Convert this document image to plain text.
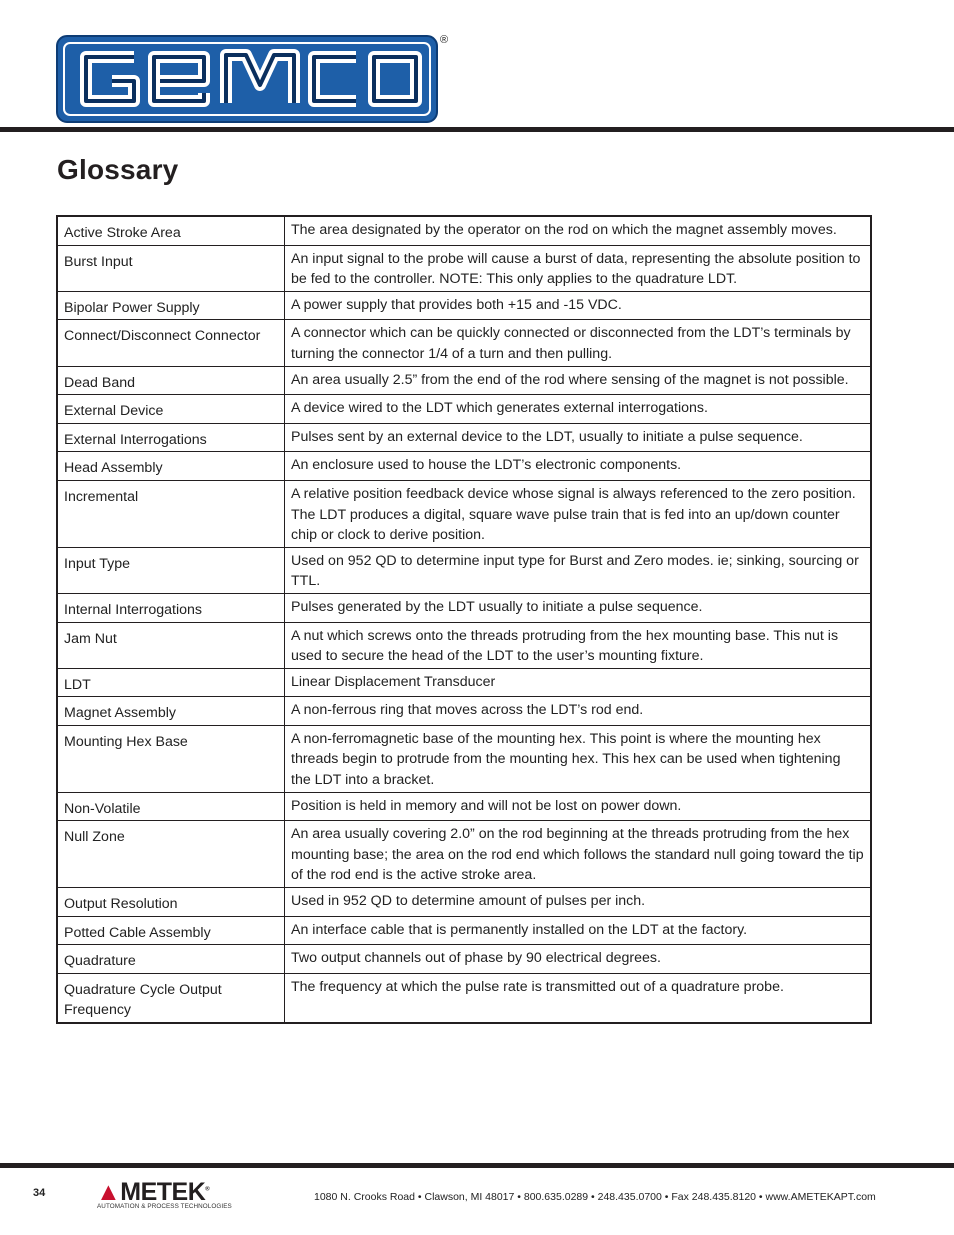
®
Glossary
Active Stroke Area	The area designated by the operator on the rod on which the magnet assembly moves.
Burst Input	An input signal to the probe will cause a burst of data, representing the absolute position to be fed to the controller. NOTE: This only applies to the quadrature LDT.
Bipolar Power Supply	A power supply that provides both +15 and -15 VDC.
Connect/Disconnect Connector	A connector which can be quickly connected or disconnected from the LDT’s terminals by turning the connector 1/4 of a turn and then pulling.
Dead Band	An area usually 2.5” from the end of the rod where sensing of the magnet is not possible.
External Device	A device wired to the LDT which generates external interrogations.
External Interrogations	Pulses sent by an external device to the LDT, usually to initiate a pulse sequence.
Head Assembly	An enclosure used to house the LDT’s electronic components.
Incremental	A relative position feedback device whose signal is always referenced to the zero position. The LDT produces a digital, square wave pulse train that is fed into an up/down counter chip or clock to derive position.
Input Type	Used on 952 QD to determine input type for Burst and Zero modes. ie; sinking, sourcing or TTL.
Internal Interrogations	Pulses generated by the LDT usually to initiate a pulse sequence.
Jam Nut	A nut which screws onto the threads protruding from the hex mounting base. This nut is used to secure the head of the LDT to the user’s mounting fixture.
LDT	Linear Displacement Transducer
Magnet Assembly	A non-ferrous ring that moves across the LDT’s rod end.
Mounting Hex Base	A non-ferromagnetic base of the mounting hex. This point is where the mounting hex threads begin to protrude from the mounting hex. This hex can be used when tightening the LDT into a bracket.
Non-Volatile	Position is held in memory and will not be lost on power down.
Null Zone	An area usually covering 2.0” on the rod beginning at the threads protruding from the hex mounting base; the area on the rod end which follows the standard null going toward the tip of the rod end is the active stroke area.
Output Resolution	Used in 952 QD to determine amount of pulses per inch.
Potted Cable Assembly	An interface cable that is permanently installed on the LDT at the factory.
Quadrature	Two output channels out of phase by 90 electrical degrees.
Quadrature Cycle Output Frequency	The frequency at which the pulse rate is transmitted out of a quadrature probe.
34 ▲METEK®
AUTOMATION & PROCESS TECHNOLOGIES
1080 N. Crooks Road • Clawson, MI 48017 • 800.635.0289 • 248.435.0700 • Fax 248.435.8120 • www.AMETEKAPT.com
